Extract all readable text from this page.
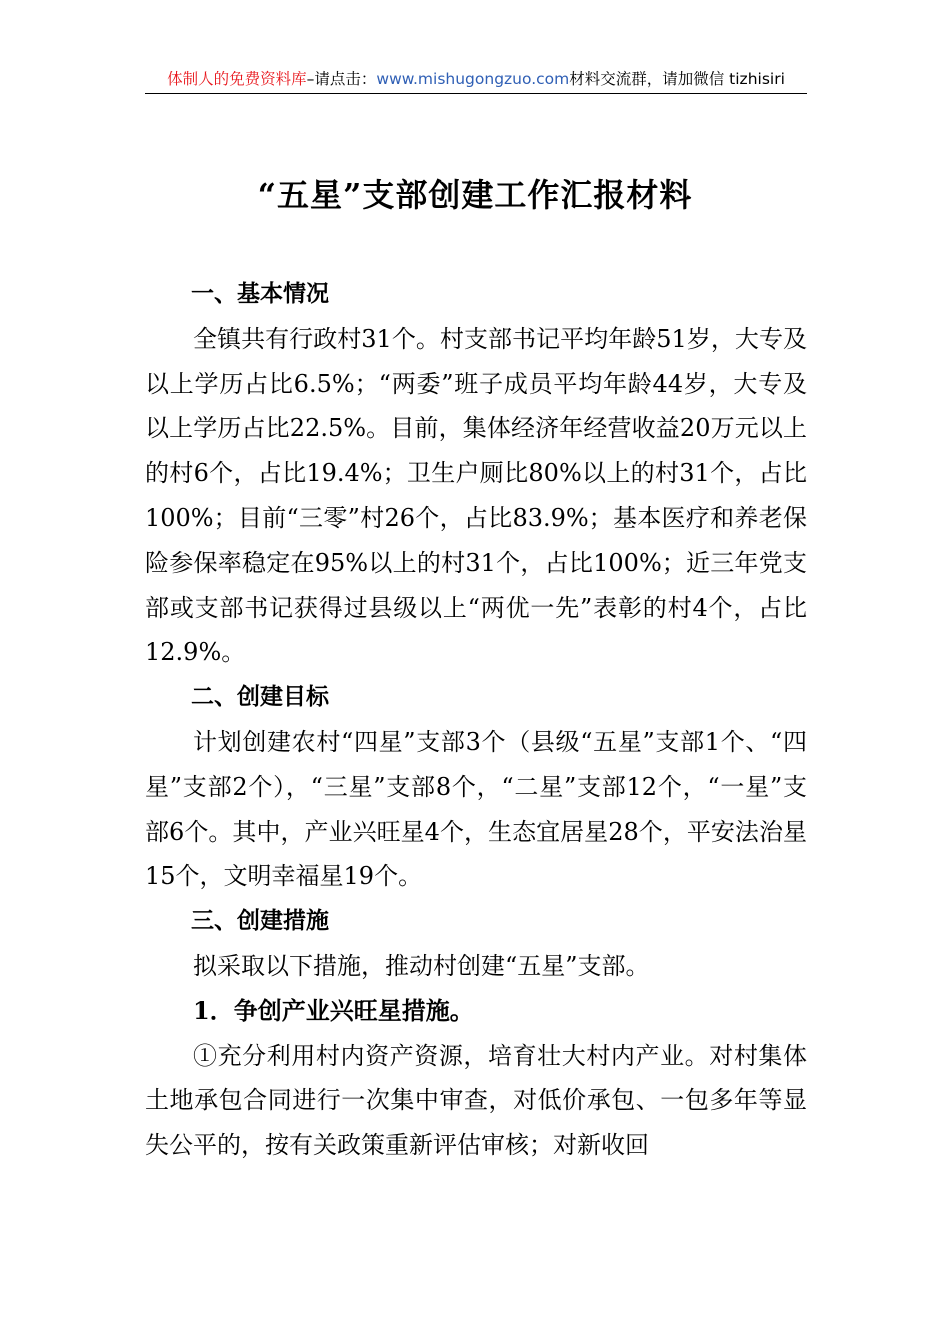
体制人的免费资料库–请点击：www.mishugongzuo.com材料交流群，请加微信 tizhisiri
“五星”支部创建工作汇报材料

一、基本情况

全镇共有行政村31个。村支部书记平均年龄51岁，大专及以上学历占比6.5%；“两委”班子成员平均年龄44岁，大专及以上学历占比22.5%。目前，集体经济年经营收益20万元以上的村6个，占比19.4%；卫生户厕比80%以上的村31个，占比100%；目前“三零”村26个，占比83.9%；基本医疗和养老保险参保率稳定在95%以上的村31个，占比100%；近三年党支部或支部书记获得过县级以上“两优一先”表彰的村4个，占比12.9%。

二、创建目标

计划创建农村“四星”支部3个（县级“五星”支部1个、“四星”支部2个），“三星”支部8个，“二星”支部12个，“一星”支部6个。其中，产业兴旺星4个，生态宜居星28个，平安法治星15个，文明幸福星19个。

三、创建措施

拟采取以下措施，推动村创建“五星”支部。

1．争创产业兴旺星措施。

①充分利用村内资产资源，培育壮大村内产业。对村集体土地承包合同进行一次集中审查，对低价承包、一包多年等显失公平的，按有关政策重新评估审核；对新收回
